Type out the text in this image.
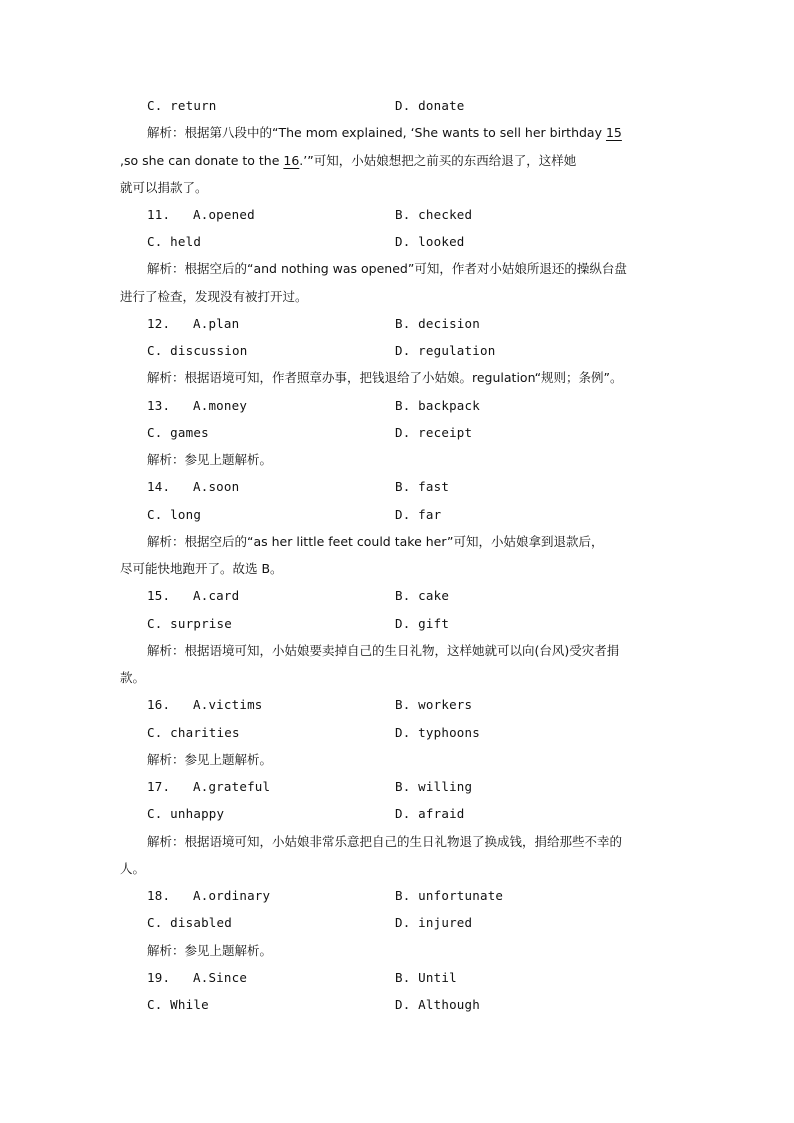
C. return	D. donate
解析：根据第八段中的“The mom explained, ‘She wants to sell her birthday 15
,so she can donate to the 16.’”可知，小姑娘想把之前买的东西给退了，这样她
就可以捐款了。
11. A.opened	B. checked
C. held	D. looked
解析：根据空后的“and nothing was opened”可知，作者对小姑娘所退还的操纵台盘
进行了检查，发现没有被打开过。
12. A.plan	B. decision
C. discussion	D. regulation
解析：根据语境可知，作者照章办事，把钱退给了小姑娘。regulation“规则；条例”。
13. A.money	B. backpack
C. games	D. receipt
解析：参见上题解析。
14. A.soon	B. fast
C. long	D. far
解析：根据空后的“as her little feet could take her”可知，小姑娘拿到退款后，
尽可能快地跑开了。故选 B。
15. A.card	B. cake
C. surprise	D. gift
解析：根据语境可知，小姑娘要卖掉自己的生日礼物，这样她就可以向(台风)受灾者捐
款。
16. A.victims	B. workers
C. charities	D. typhoons
解析：参见上题解析。
17. A.grateful	B. willing
C. unhappy	D. afraid
解析：根据语境可知，小姑娘非常乐意把自己的生日礼物退了换成钱，捐给那些不幸的
人。
18. A.ordinary	B. unfortunate
C. disabled	D. injured
解析：参见上题解析。
19. A.Since	B. Until
C. While	D. Although
